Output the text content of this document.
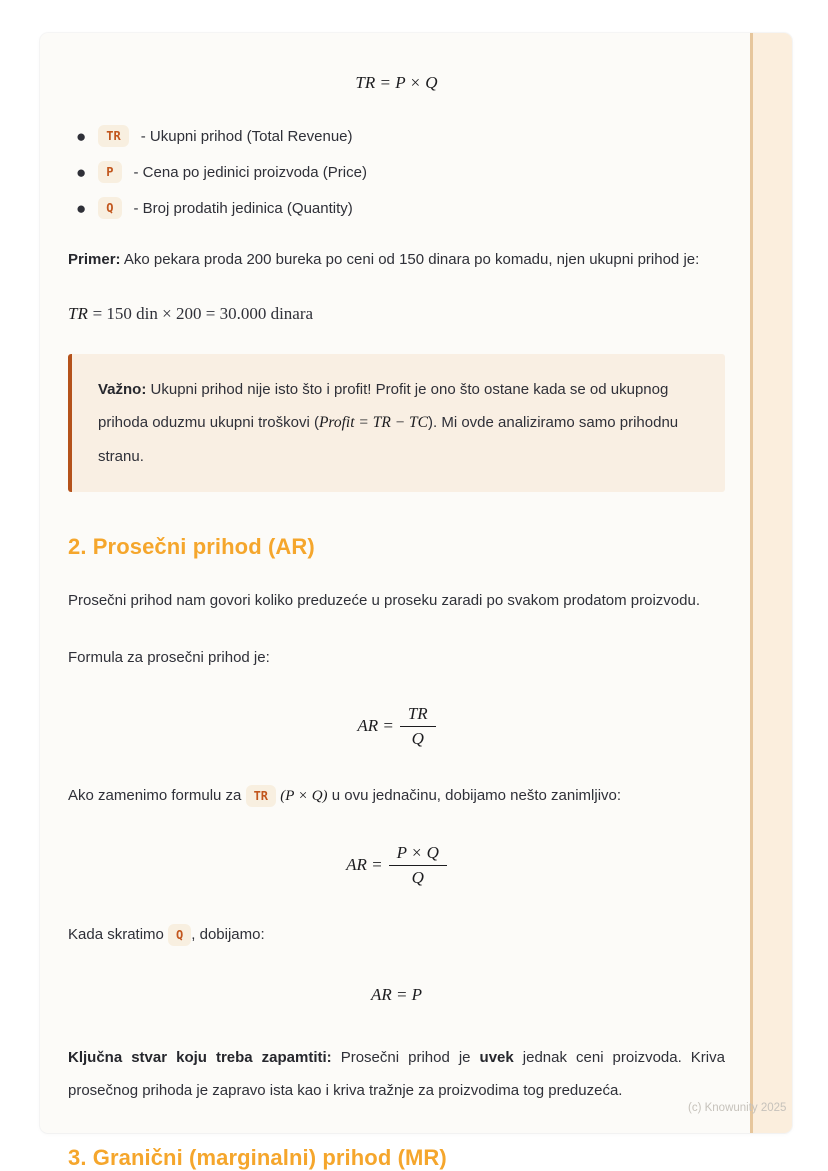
TR = P × Q
●	TR	- Ukupni prihod (Total Revenue)
●	P	- Cena po jedinici proizvoda (Price)
●	Q	- Broj prodatih jedinica (Quantity)

Primer: Ako pekara proda 200 bureka po ceni od 150 dinara po komadu, njen ukupni prihod je:

TR = 150 din × 200 = 30.000 dinara
Važno: Ukupni prihod nije isto što i profit! Profit je ono što ostane kada se od ukupnog prihoda oduzmu ukupni troškovi (Profit = TR − TC). Mi ovde analiziramo samo prihodnu stranu.
2. Prosečni prihod (AR)

Prosečni prihod nam govori koliko preduzeće u proseku zaradi po svakom prodatom proizvodu.

Formula za prosečni prihod je:

AR = $\frac{TR}{Q}$

Ako zamenimo formulu za TR (P × Q) u ovu jednačinu, dobijamo nešto zanimljivo:

AR = $\frac{P \times Q}{Q}$

Kada skratimo Q , dobijamo:

AR = P

Ključna stvar koju treba zapamtiti: Prosečni prihod je uvek jednak ceni proizvoda. Kriva prosečnog prihoda je zapravo ista kao i kriva tražnje za proizvodima tog preduzeća.

3. Granični (marginalni) prihod (MR)
(c) Knowunity 2025
